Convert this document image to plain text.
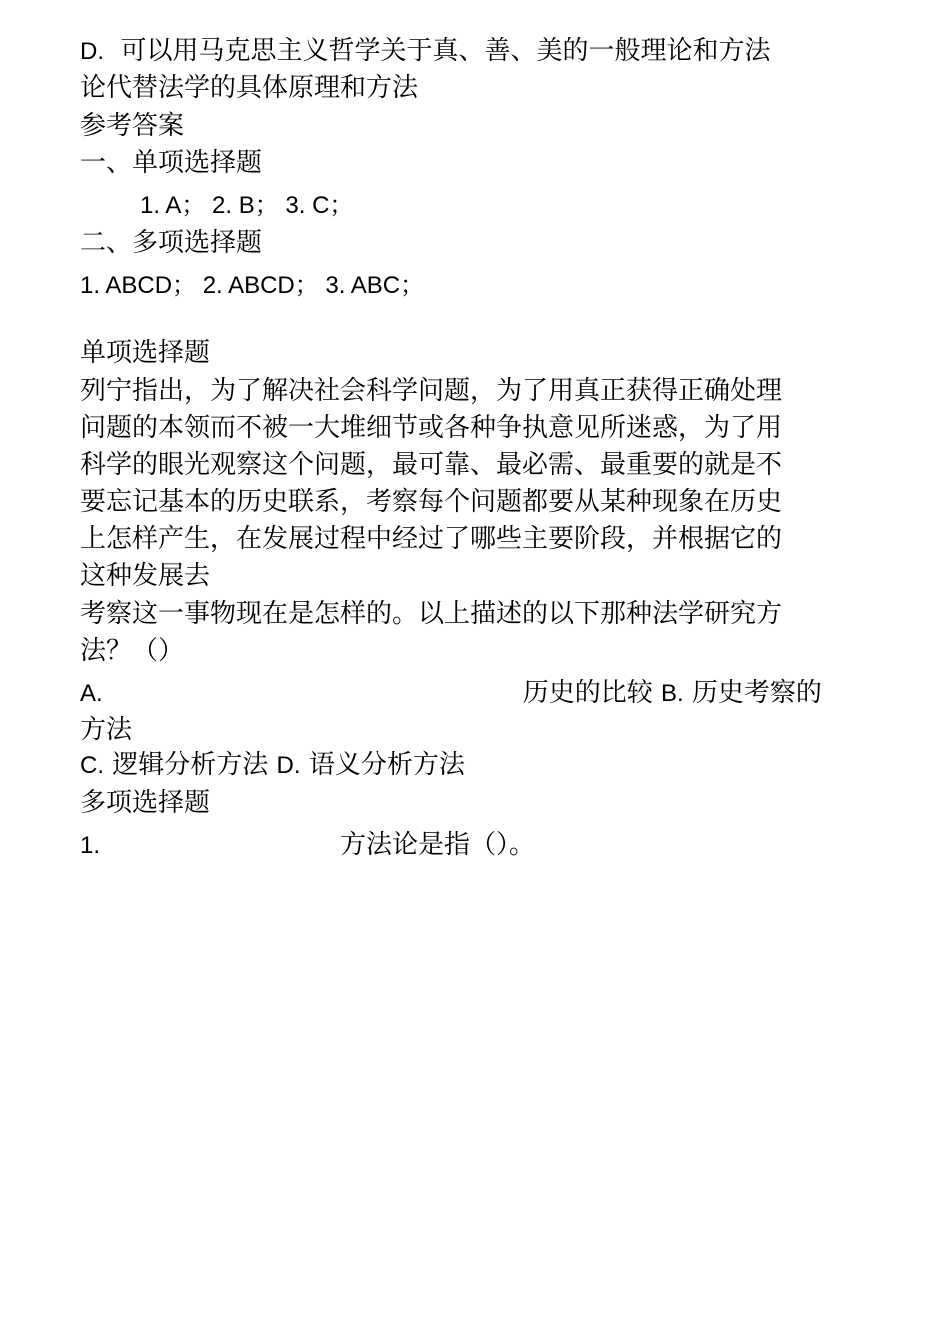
D. 可以用马克思主义哲学关于真、善、美的一般理论和方法
论代替法学的具体原理和方法
参考答案
一、单项选择题
1. A； 2. B； 3. C；
二、多项选择题
1. ABCD； 2. ABCD； 3. ABC；
单项选择题
列宁指出，为了解决社会科学问题，为了用真正获得正确处理
问题的本领而不被一大堆细节或各种争执意见所迷惑，为了用
科学的眼光观察这个问题，最可靠、最必需、最重要的就是不
要忘记基本的历史联系，考察每个问题都要从某种现象在历史
上怎样产生，在发展过程中经过了哪些主要阶段，并根据它的
这种发展去
考察这一事物现在是怎样的。以上描述的以下那种法学研究方
法？（）
A.	历史的比较 B. 历史考察的
方法
C. 逻辑分析方法 D. 语义分析方法
多项选择题
1.	方法论是指（）。
